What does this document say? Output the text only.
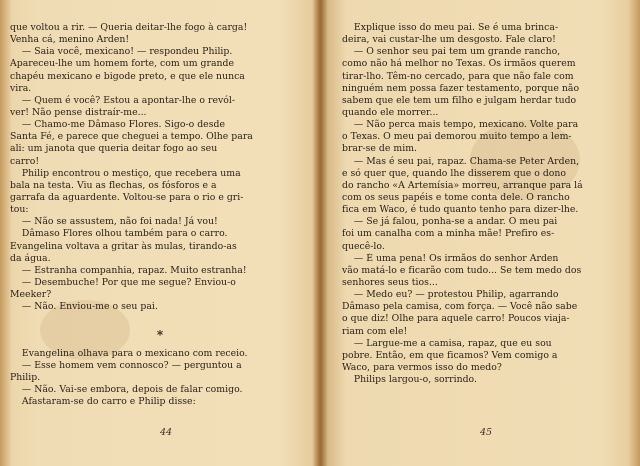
que voltou a rir. — Queria deitar-lhe fogo à carga!
Venha cá, menino Arden!
— Saia você, mexicano! — respondeu Philip.
Apareceu-lhe um homem forte, com um grande
chapéu mexicano e bigode preto, e que ele nunca
vira.
— Quem é você? Estou a apontar-lhe o revól-
ver! Não pense distraír-me...
— Chamo-me Dâmaso Flores. Sigo-o desde
Santa Fé, e parece que cheguei a tempo. Olhe para
ali: um janota que queria deitar fogo ao seu
carro!
Philip encontrou o mestiço, que recebera uma
bala na testa. Viu as flechas, os fósforos e a
garrafa da aguardente. Voltou-se para o rio e gri-
tou:
— Não se assustem, não foi nada! Já vou!
Dâmaso Flores olhou também para o carro.
Evangelina voltava a gritar às mulas, tirando-as
da água.
— Estranha companhia, rapaz. Muito estranha!
— Desembuche! Por que me segue? Enviou-o
Meeker?
— Não. Enviou-me o seu pai.
*
Evangelina olhava para o mexicano com receio.
— Esse homem vem connosco? — perguntou a
Philip.
— Não. Vai-se embora, depois de falar comigo.
Afastaram-se do carro e Philip disse:
44
Explique isso do meu pai. Se é uma brinca-
deira, vai custar-lhe um desgosto. Fale claro!
— O senhor seu pai tem um grande rancho,
como não há melhor no Texas. Os irmãos querem
tirar-lho. Têm-no cercado, para que não fale com
ninguém nem possa fazer testamento, porque não
sabem que ele tem um filho e julgam herdar tudo
quando ele morrer...
— Não perca mais tempo, mexicano. Volte para
o Texas. O meu pai demorou muito tempo a lem-
brar-se de mim.
— Mas é seu pai, rapaz. Chama-se Peter Arden,
e só quer que, quando lhe disserem que o dono
do rancho «A Artemísia» morreu, arranque para lá
com os seus papéis e tome conta dele. O rancho
fica em Waco, é tudo quanto tenho para dizer-lhe.
— Se já falou, ponha-se a andar. O meu pai
foi um canalha com a minha mãe! Prefiro es-
quecê-lo.
— É uma pena! Os irmãos do senhor Arden
vão matá-lo e ficarão com tudo... Se tem medo dos
senhores seus tios...
— Medo eu? — protestou Philip, agarrando
Dâmaso pela camisa, com força. — Você não sabe
o que diz! Olhe para aquele carro! Poucos viaja-
riam com ele!
— Largue-me a camisa, rapaz, que eu sou
pobre. Então, em que ficamos? Vem comigo a
Waco, para vermos isso do medo?
Philips largou-o, sorrindo.
45
